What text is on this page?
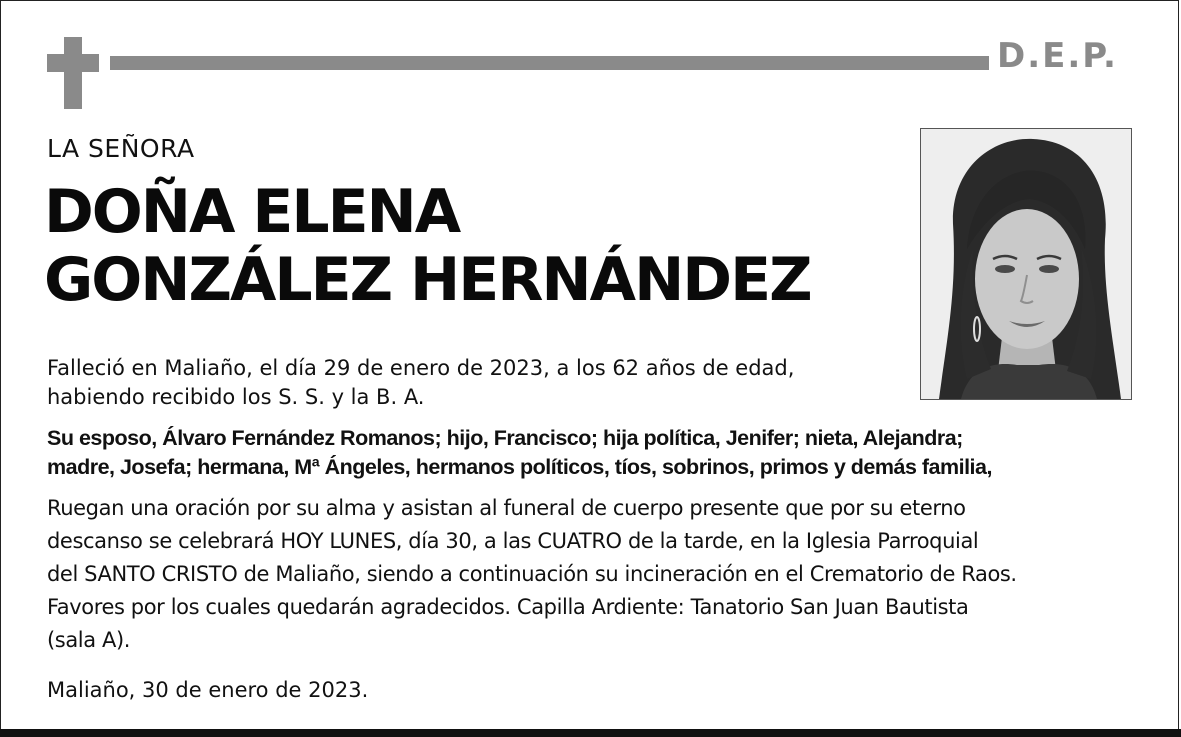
D.E.P.
LA SEÑORA
DOÑA ELENA
GONZÁLEZ HERNÁNDEZ
Falleció en Maliaño, el día 29 de enero de 2023, a los 62 años de edad,
habiendo recibido los S. S. y la B. A.
Su esposo, Álvaro Fernández Romanos; hijo, Francisco; hija política, Jenifer; nieta, Alejandra;
madre, Josefa; hermana, Mª Ángeles, hermanos políticos, tíos, sobrinos, primos y demás familia,
Ruegan una oración por su alma y asistan al funeral de cuerpo presente que por su eterno
descanso se celebrará HOY LUNES, día 30, a las CUATRO de la tarde, en la Iglesia Parroquial
del SANTO CRISTO de Maliaño, siendo a continuación su incineración en el Crematorio de Raos.
Favores por los cuales quedarán agradecidos. Capilla Ardiente: Tanatorio San Juan Bautista
(sala A).
Maliaño, 30 de enero de 2023.
